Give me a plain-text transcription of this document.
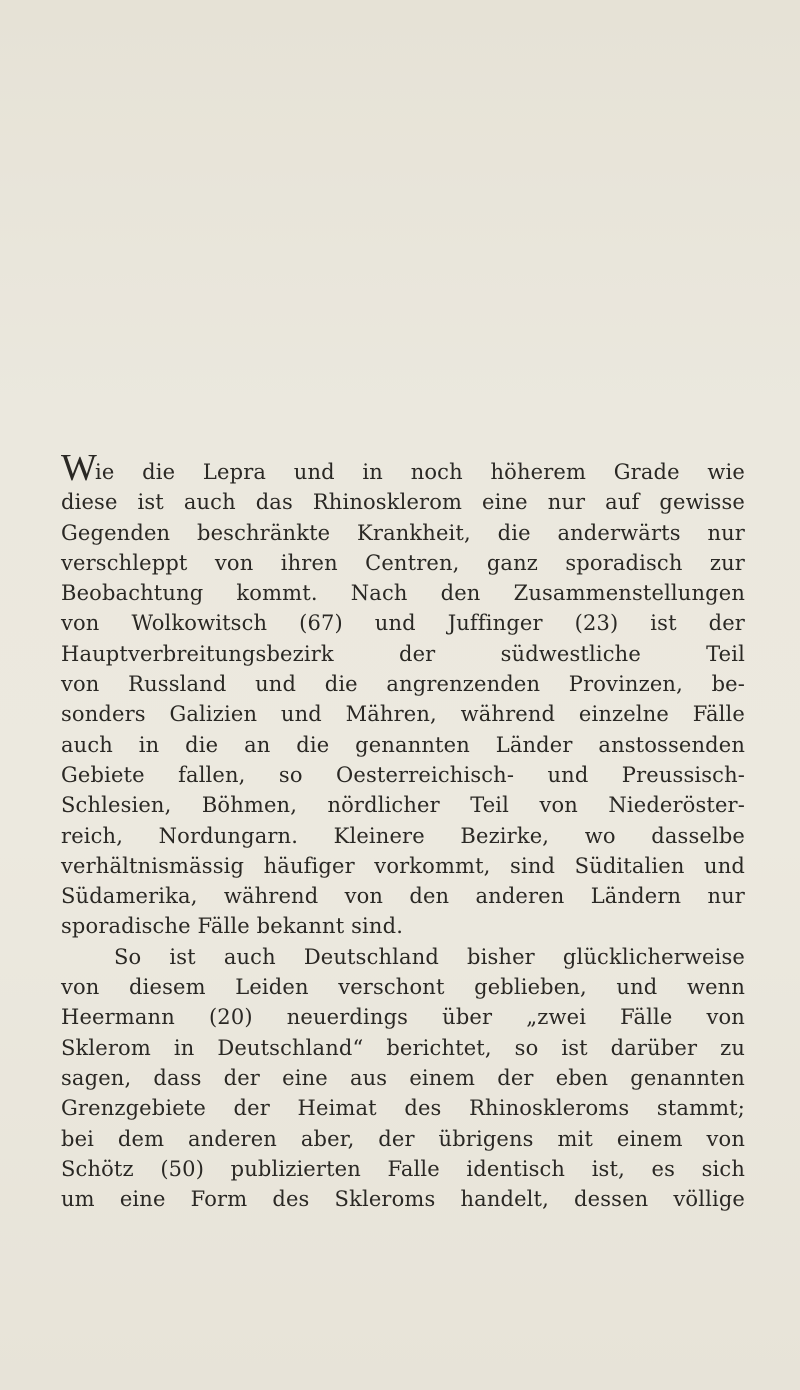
W
ie die Lepra und in noch höherem Grade wie
diese ist auch das Rhinosklerom eine nur auf gewisse
Gegenden beschränkte Krankheit, die anderwärts nur
verschleppt von ihren Centren, ganz sporadisch zur
Beobachtung kommt. Nach den Zusammenstellungen
von Wolkowitsch (67) und Juffinger (23) ist der
Hauptverbreitungsbezirk der südwestliche Teil
von Russland und die angrenzenden Provinzen, be-
sonders Galizien und Mähren, während einzelne Fälle
auch in die an die genannten Länder anstossenden
Gebiete fallen, so Oesterreichisch- und Preussisch-
Schlesien, Böhmen, nördlicher Teil von Niederöster-
reich, Nordungarn. Kleinere Bezirke, wo dasselbe
verhältnismässig häufiger vorkommt, sind Süditalien und
Südamerika, während von den anderen Ländern nur
sporadische Fälle bekannt sind.
So ist auch Deutschland bisher glücklicherweise
von diesem Leiden verschont geblieben, und wenn
Heermann (20) neuerdings über „zwei Fälle von
Sklerom in Deutschland“ berichtet, so ist darüber zu
sagen, dass der eine aus einem der eben genannten
Grenzgebiete der Heimat des Rhinoskleroms stammt;
bei dem anderen aber, der übrigens mit einem von
Schötz (50) publizierten Falle identisch ist, es sich
um eine Form des Skleroms handelt, dessen völlige
